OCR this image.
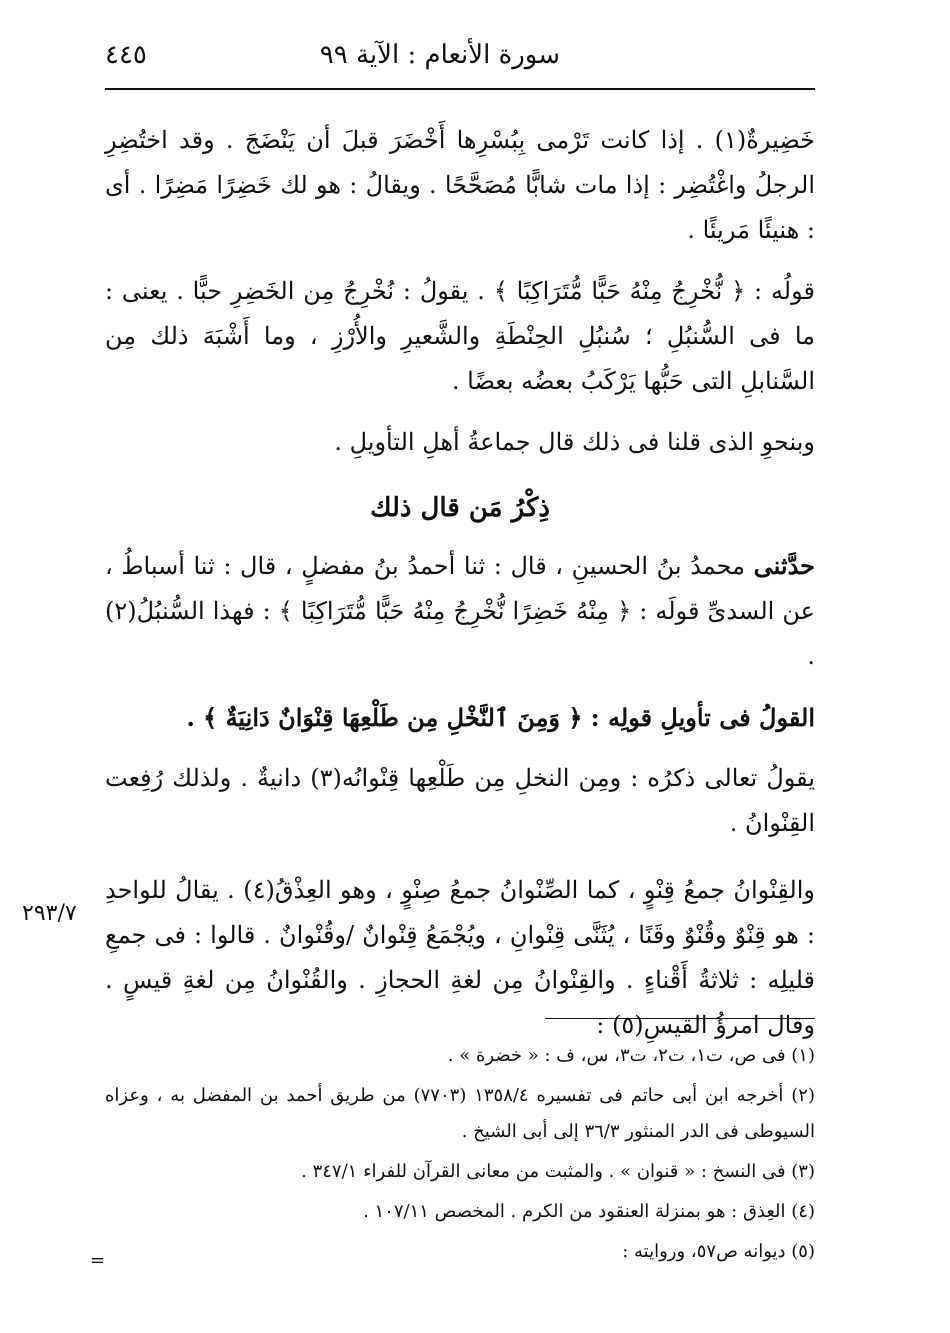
سورة الأنعام : الآية ٩٩
٤٤٥

خَضِيرةٌ(١) . إذا كانت تَرْمى بِبُسْرِها أَخْضَرَ قبلَ أن يَنْضَجَ . وقد اختُضِرِ الرجلُ واغْتُضِر : إذا مات شابًّا مُصَحَّحًا . ويقالُ : هو لك خَضِرًا مَضِرًا . أى : هنيئًا مَريئًا .

قولُه : ﴿ نُّخْرِجُ مِنْهُ حَبًّا مُّتَرَاكِبًا ﴾ . يقولُ : نُخْرِجُ مِن الخَضِرِ حبًّا . يعنى : ما فى السُّنبُلِ ؛ سُنبُلِ الحِنْطَةِ والشَّعيرِ والأُرْزِ ، وما أَشْبَهَ ذلك مِن السَّنابلِ التى حَبُّها يَرْكَبُ بعضُه بعضًا .

وبنحوِ الذى قلنا فى ذلك قال جماعةُ أهلِ التأويلِ .

ذِكْرُ مَن قال ذلك

حدَّثنى محمدُ بنُ الحسينِ ، قال : ثنا أحمدُ بنُ مفضلٍ ، قال : ثنا أسباطُ ، عن السدىِّ قولَه : ﴿ مِنْهُ خَضِرًا نُّخْرِجُ مِنْهُ حَبًّا مُّتَرَاكِبًا ﴾ : فهذا السُّنبُلُ(٢) .

القولُ فى تأويلِ قولِه : ﴿ وَمِنَ ٱلنَّخْلِ مِن طَلْعِهَا قِنْوَانٌ دَانِيَةٌ ﴾ .

يقولُ تعالى ذكرُه : ومِن النخلِ مِن طَلْعِها قِنْوانُه(٣) دانيةٌ . ولذلك رُفِعت القِنْوانُ .

والقِنْوانُ جمعُ قِنْوٍ ، كما الصِّنْوانُ جمعُ صِنْوٍ ، وهو العِذْقُ(٤) . يقالُ للواحدِ : هو قِنْوٌ وقُنْوٌ وقَنًا ، يُثَنَّى قِنْوانِ ، ويُجْمَعُ قِنْوانٌ /وقُنْوانٌ . قالوا : فى جمعِ قليلِه : ثلاثةُ أَقْناءٍ . والقِنْوانُ مِن لغةِ الحجازِ . والقُنْوانُ مِن لغةِ قيسٍ . وقال امرؤُ القيسِ(٥) :

٢٩٣/٧

(١) فى ص، ت١، ت٢، ت٣، س، ف : « خضرة » .

(٢) أخرجه ابن أبى حاتم فى تفسيره ١٣٥٨/٤ (٧٧٠٣) من طريق أحمد بن المفضل به ، وعزاه السيوطى فى الدر المنثور ٣٦/٣ إلى أبى الشيخ .

(٣) فى النسخ : « قنوان » . والمثبت من معانى القرآن للفراء ٣٤٧/١ .

(٤) العِذق : هو بمنزلة العنقود من الكرم . المخصص ١٠٧/١١ .

(٥) ديوانه ص٥٧، وروايته :

=
